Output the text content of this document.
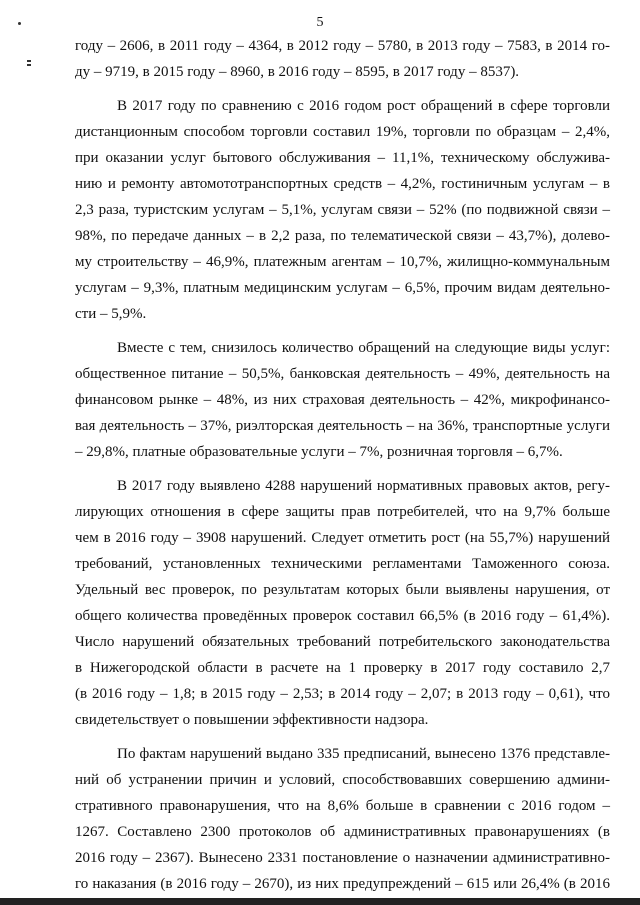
5
году – 2606, в 2011 году – 4364, в 2012 году – 5780, в 2013 году – 7583, в 2014 го-
ду – 9719, в 2015 году – 8960, в 2016 году – 8595, в 2017 году – 8537).
В 2017 году по сравнению с 2016 годом рост обращений в сфере торговли
дистанционным способом торговли составил 19%, торговли по образцам – 2,4%,
при оказании услуг бытового обслуживания – 11,1%, техническому обслужива-
нию и ремонту автомототранспортных средств – 4,2%, гостиничным услугам – в
2,3 раза, туристским услугам – 5,1%, услугам связи – 52% (по подвижной связи –
98%, по передаче данных – в 2,2 раза, по телематической связи – 43,7%), долево-
му строительству – 46,9%, платежным агентам – 10,7%, жилищно-коммунальным
услугам – 9,3%, платным медицинским услугам – 6,5%, прочим видам деятельно-
сти – 5,9%.
Вместе с тем, снизилось количество обращений на следующие виды услуг:
общественное питание – 50,5%, банковская деятельность – 49%, деятельность на
финансовом рынке – 48%, из них страховая деятельность – 42%, микрофинансо-
вая деятельность – 37%, риэлторская деятельность – на 36%, транспортные услуги
– 29,8%, платные образовательные услуги – 7%, розничная торговля – 6,7%.
В 2017 году выявлено 4288 нарушений нормативных правовых актов, регу-
лирующих отношения в сфере защиты прав потребителей, что на 9,7% больше
чем в 2016 году – 3908 нарушений. Следует отметить рост (на 55,7%) нарушений
требований, установленных техническими регламентами Таможенного союза.
Удельный вес проверок, по результатам которых были выявлены нарушения, от
общего количества проведённых проверок составил 66,5% (в 2016 году – 61,4%).
Число нарушений обязательных требований потребительского законодательства
в Нижегородской области в расчете на 1 проверку в 2017 году составило 2,7
(в 2016 году – 1,8; в 2015 году – 2,53; в 2014 году – 2,07; в 2013 году – 0,61), что
свидетельствует о повышении эффективности надзора.
По фактам нарушений выдано 335 предписаний, вынесено 1376 представле-
ний об устранении причин и условий, способствовавших совершению админи-
стративного правонарушения, что на 8,6% больше в сравнении с 2016 годом –
1267. Составлено 2300 протоколов об административных правонарушениях (в
2016 году – 2367). Вынесено 2331 постановление о назначении административно-
го наказания (в 2016 году – 2670), из них предупреждений – 615 или 26,4% (в 2016
